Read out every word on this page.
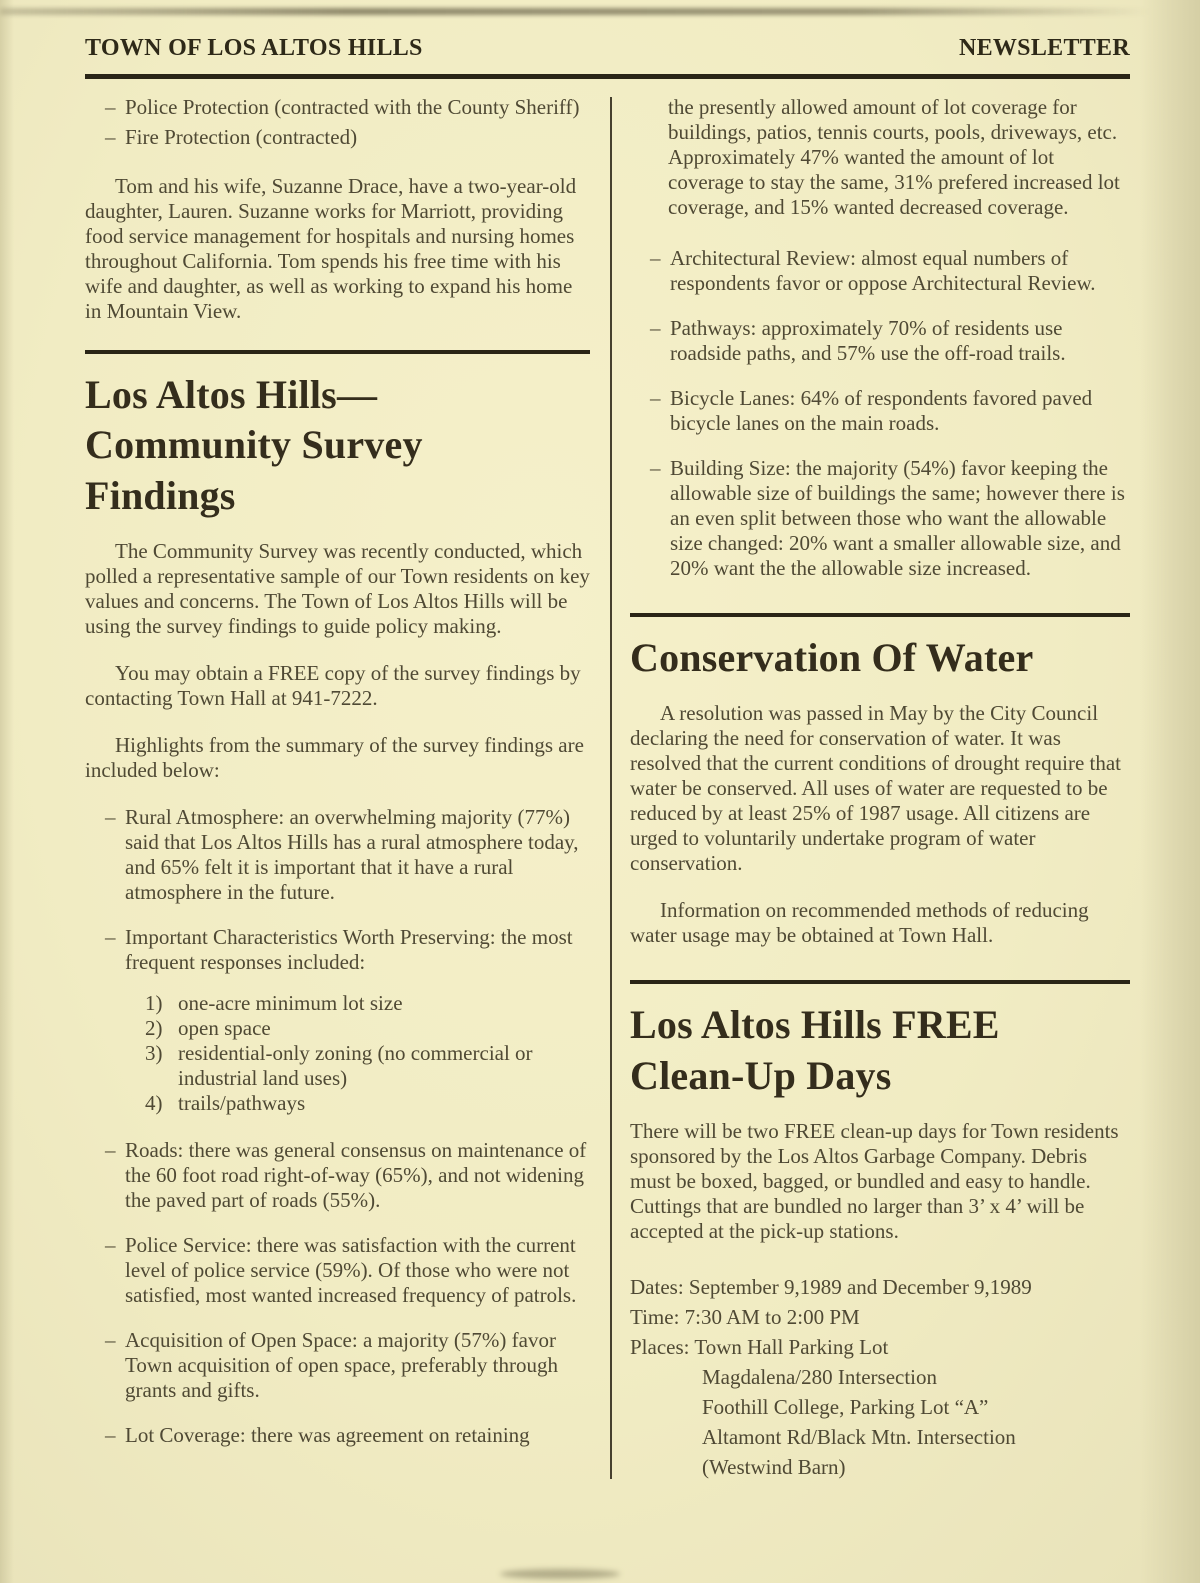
TOWN OF LOS ALTOS HILLS	NEWSLETTER
– Police Protection (contracted with the County Sheriff)
– Fire Protection (contracted)

Tom and his wife, Suzanne Drace, have a two-year-old daughter, Lauren. Suzanne works for Marriott, providing food service management for hospitals and nursing homes throughout California. Tom spends his free time with his wife and daughter, as well as working to expand his home in Mountain View.

Los Altos Hills—
Community Survey
Findings

The Community Survey was recently conducted, which polled a representative sample of our Town residents on key values and concerns. The Town of Los Altos Hills will be using the survey findings to guide policy making.

You may obtain a FREE copy of the survey findings by contacting Town Hall at 941-7222.

Highlights from the summary of the survey findings are included below:

– Rural Atmosphere: an overwhelming majority (77%) said that Los Altos Hills has a rural atmosphere today, and 65% felt it is important that it have a rural atmosphere in the future.
– Important Characteristics Worth Preserving: the most frequent responses included:
1) one-acre minimum lot size
2) open space
3) residential-only zoning (no commercial or industrial land uses)
4) trails/pathways
– Roads: there was general consensus on maintenance of the 60 foot road right-of-way (65%), and not widening the paved part of roads (55%).
– Police Service: there was satisfaction with the current level of police service (59%). Of those who were not satisfied, most wanted increased frequency of patrols.
– Acquisition of Open Space: a majority (57%) favor Town acquisition of open space, preferably through grants and gifts.
– Lot Coverage: there was agreement on retaining

the presently allowed amount of lot coverage for buildings, patios, tennis courts, pools, driveways, etc.

Approximately 47% wanted the amount of lot coverage to stay the same, 31% prefered increased lot coverage, and 15% wanted decreased coverage.

– Architectural Review: almost equal numbers of respondents favor or oppose Architectural Review.
– Pathways: approximately 70% of residents use roadside paths, and 57% use the off-road trails.
– Bicycle Lanes: 64% of respondents favored paved bicycle lanes on the main roads.
– Building Size: the majority (54%) favor keeping the allowable size of buildings the same; however there is an even split between those who want the allowable size changed: 20% want a smaller allowable size, and 20% want the the allowable size increased.
Conservation Of Water

A resolution was passed in May by the City Council declaring the need for conservation of water. It was resolved that the current conditions of drought require that water be conserved. All uses of water are requested to be reduced by at least 25% of 1987 usage. All citizens are urged to voluntarily undertake program of water conservation.

Information on recommended methods of reducing water usage may be obtained at Town Hall.

Los Altos Hills FREE
Clean-Up Days

There will be two FREE clean-up days for Town residents sponsored by the Los Altos Garbage Company. Debris must be boxed, bagged, or bundled and easy to handle. Cuttings that are bundled no larger than 3’ x 4’ will be accepted at the pick-up stations.

Dates: September 9,1989 and December 9,1989
Time: 7:30 AM to 2:00 PM
Places: Town Hall Parking Lot
Magdalena/280 Intersection
Foothill College, Parking Lot “A”
Altamont Rd/Black Mtn. Intersection
(Westwind Barn)
